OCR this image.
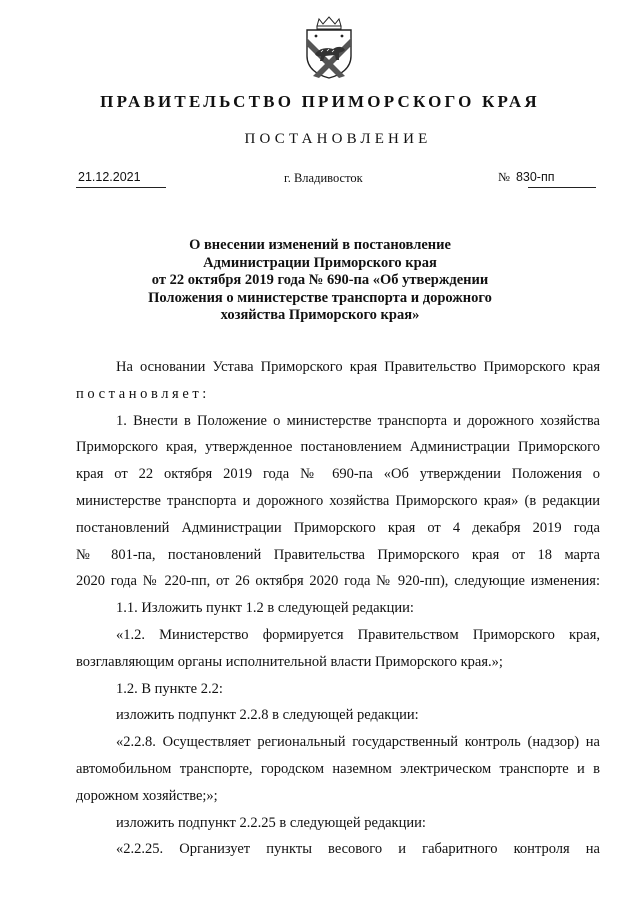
ПРАВИТЕЛЬСТВО ПРИМОРСКОГО КРАЯ
ПОСТАНОВЛЕНИЕ
21.12.2021	г. Владивосток	№ 830-пп
О внесении изменений в постановление
Администрации Приморского края
от 22 октября 2019 года № 690-па «Об утверждении
Положения о министерстве транспорта и дорожного
хозяйства Приморского края»
На основании Устава Приморского края Правительство Приморского края
постановляет:
1. Внести в Положение о министерстве транспорта и дорожного хозяйства
Приморского края, утвержденное постановлением Администрации Приморского
края от 22 октября 2019 года № 690-па «Об утверждении Положения о
министерстве транспорта и дорожного хозяйства Приморского края» (в редакции
постановлений Администрации Приморского края от 4 декабря 2019 года
№ 801-па, постановлений Правительства Приморского края от 18 марта
2020 года № 220-пп, от 26 октября 2020 года № 920-пп), следующие изменения:
1.1. Изложить пункт 1.2 в следующей редакции:
«1.2. Министерство формируется Правительством Приморского края,
возглавляющим органы исполнительной власти Приморского края.»;
1.2. В пункте 2.2:
изложить подпункт 2.2.8 в следующей редакции:
«2.2.8. Осуществляет региональный государственный контроль (надзор) на
автомобильном транспорте, городском наземном электрическом транспорте и в
дорожном хозяйстве;»;
изложить подпункт 2.2.25 в следующей редакции:
«2.2.25. Организует пункты весового и габаритного контроля на
